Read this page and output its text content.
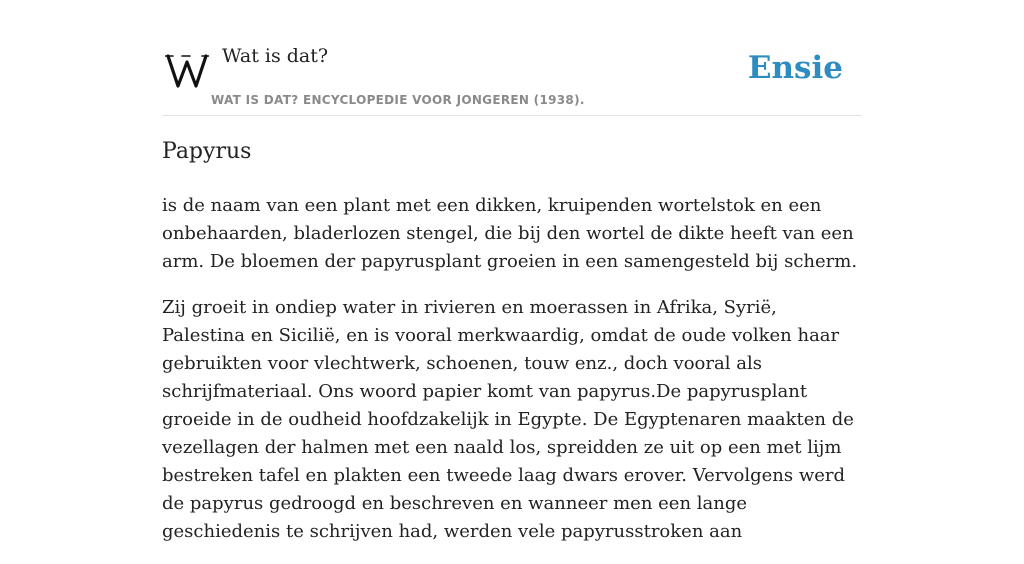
Wat is dat?
WAT IS DAT? ENCYCLOPEDIE VOOR JONGEREN (1938).
Ensie
Papyrus

is de naam van een plant met een dikken, kruipenden wortelstok en een onbehaarden, bladerlozen stengel, die bij den wortel de dikte heeft van een arm. De bloemen der papyrusplant groeien in een samengesteld bij scherm.

Zij groeit in ondiep water in rivieren en moerassen in Afrika, Syrië, Palestina en Sicilië, en is vooral merkwaardig, omdat de oude volken haar gebruikten voor vlechtwerk, schoenen, touw enz., doch vooral als schrijfmateriaal. Ons woord papier komt van papyrus.De papyrusplant groeide in de oudheid hoofdzakelijk in Egypte. De Egyptenaren maakten de vezellagen der halmen met een naald los, spreidden ze uit op een met lijm bestreken tafel en plakten een tweede laag dwars erover. Vervolgens werd de papyrus gedroogd en beschreven en wanneer men een lange geschiedenis te schrijven had, werden vele papyrusstroken aan
